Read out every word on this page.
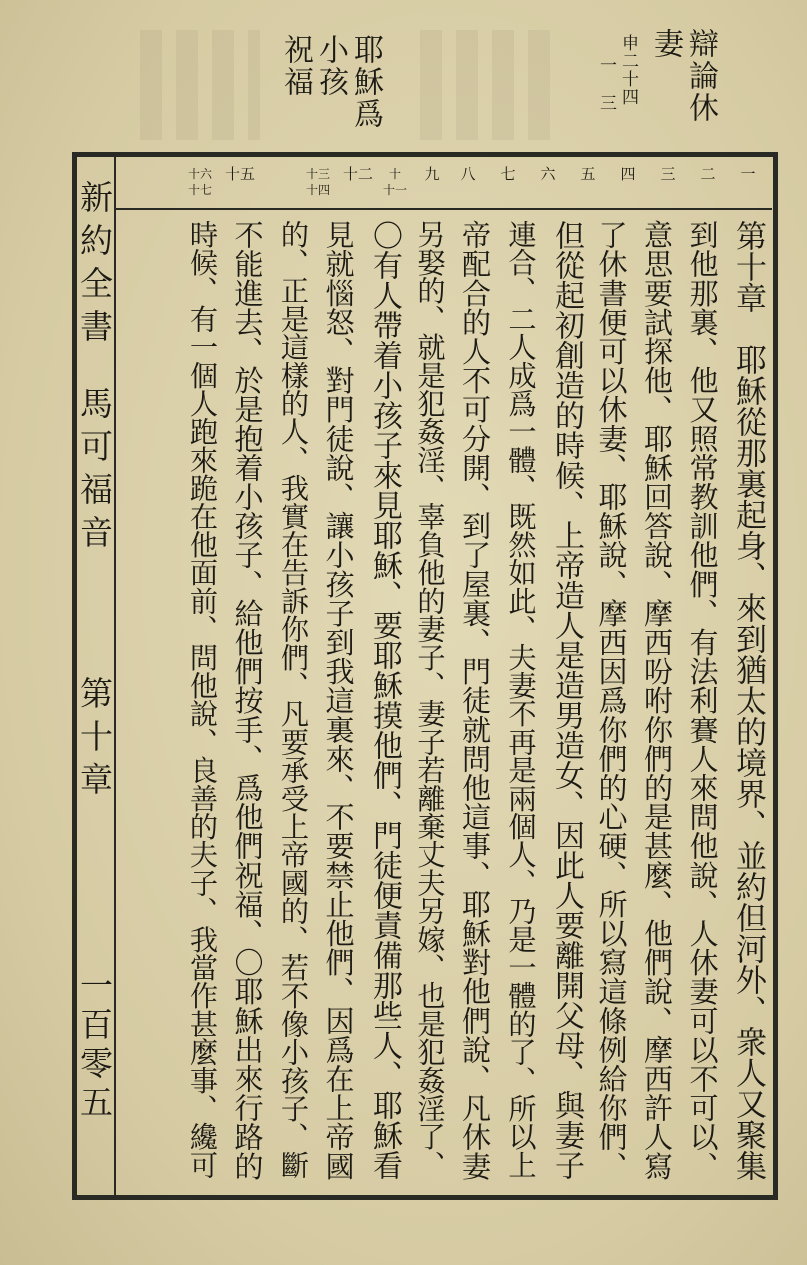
辯論休
妻
申二十四
一
三
耶穌爲
小孩
祝福
一
二
三
四
五
六
七
八
九
十
十一
十二
十三
十四
十五
十六
十七
新約全書
馬可福音
第十章
一百零五	第十章　耶穌從那裏起身、來到猶太的境界、並約但河外、衆人又聚集
到他那裏、他又照常教訓他們、有法利賽人來問他說、人休妻可以不可以、
意思要試探他、耶穌回答說、摩西吩咐你們的是甚麼、他們說、摩西許人寫
了休書便可以休妻、耶穌說、摩西因爲你們的心硬、所以寫這條例給你們、
但從起初創造的時候、上帝造人是造男造女、因此人要離開父母、與妻子
連合、二人成爲一體、既然如此、夫妻不再是兩個人、乃是一體的了、所以上
帝配合的人不可分開、到了屋裏、門徒就問他這事、耶穌對他們說、凡休妻
另娶的、就是犯姦淫、辜負他的妻子、妻子若離棄丈夫另嫁、也是犯姦淫了、
〇有人帶着小孩子來見耶穌、要耶穌摸他們、門徒便責備那些人、耶穌看
見就惱怒、對門徒說、讓小孩子到我這裏來、不要禁止他們、因爲在上帝國
的、正是這樣的人、我實在告訴你們、凡要承受上帝國的、若不像小孩子、斷
不能進去、於是抱着小孩子、給他們按手、爲他們祝福、〇耶穌出來行路的
時候、有一個人跑來跪在他面前、問他說、良善的夫子、我當作甚麼事、纔可
